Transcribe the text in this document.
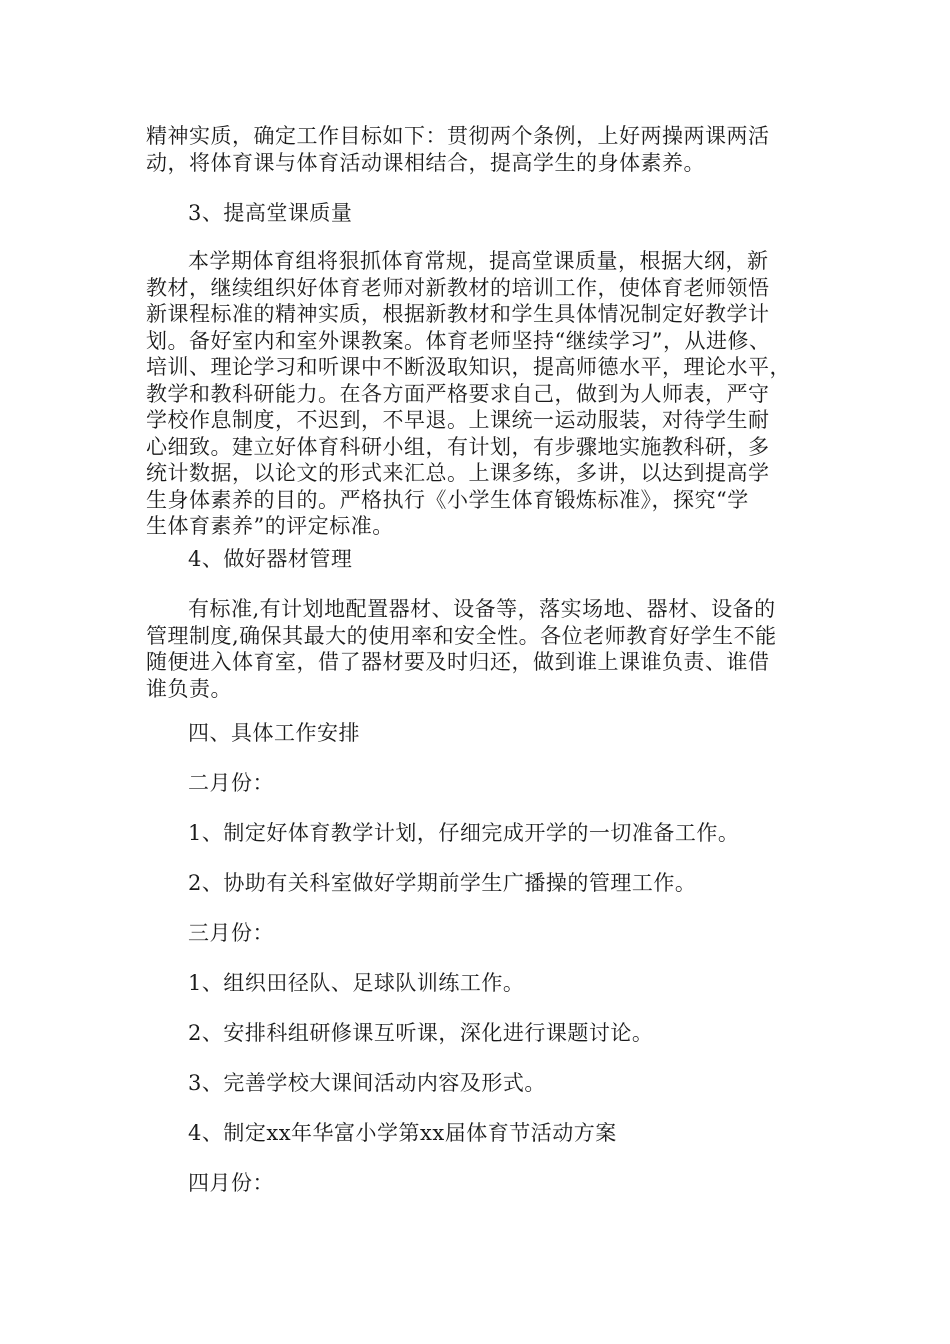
精神实质，确定工作目标如下：贯彻两个条例，上好两操两课两活
动，将体育课与体育活动课相结合，提高学生的身体素养。
3、提高堂课质量
本学期体育组将狠抓体育常规，提高堂课质量，根据大纲，新
教材，继续组织好体育老师对新教材的培训工作，使体育老师领悟
新课程标准的精神实质，根据新教材和学生具体情况制定好教学计
划。备好室内和室外课教案。体育老师坚持“继续学习”，从进修、
培训、理论学习和听课中不断汲取知识，提高师德水平，理论水平，
教学和教科研能力。在各方面严格要求自己，做到为人师表，严守
学校作息制度，不迟到，不早退。上课统一运动服装，对待学生耐
心细致。建立好体育科研小组，有计划，有步骤地实施教科研，多
统计数据，以论文的形式来汇总。上课多练，多讲，以达到提高学
生身体素养的目的。严格执行《小学生体育锻炼标准》，探究“学
生体育素养”的评定标准。
4、做好器材管理
有标准,有计划地配置器材、设备等，落实场地、器材、设备的
管理制度,确保其最大的使用率和安全性。各位老师教育好学生不能
随便进入体育室，借了器材要及时归还，做到谁上课谁负责、谁借
谁负责。
四、具体工作安排
二月份：
1、制定好体育教学计划，仔细完成开学的一切准备工作。
2、协助有关科室做好学期前学生广播操的管理工作。
三月份：
1、组织田径队、足球队训练工作。
2、安排科组研修课互听课，深化进行课题讨论。
3、完善学校大课间活动内容及形式。
4、制定xx年华富小学第xx届体育节活动方案
四月份：
